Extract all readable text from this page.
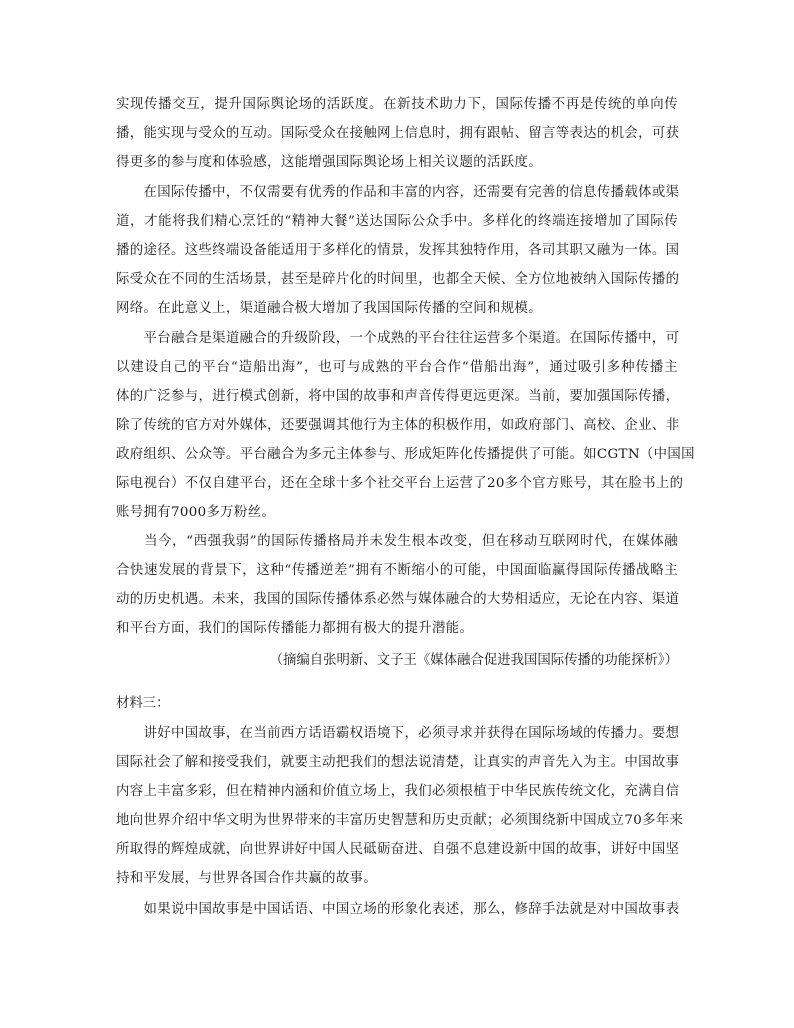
实现传播交互，提升国际舆论场的活跃度。在新技术助力下，国际传播不再是传统的单向传
播，能实现与受众的互动。国际受众在接触网上信息时，拥有跟帖、留言等表达的机会，可获
得更多的参与度和体验感，这能增强国际舆论场上相关议题的活跃度。

　　在国际传播中，不仅需要有优秀的作品和丰富的内容，还需要有完善的信息传播载体或渠
道，才能将我们精心烹饪的“精神大餐”送达国际公众手中。多样化的终端连接增加了国际传
播的途径。这些终端设备能适用于多样化的情景，发挥其独特作用，各司其职又融为一体。国
际受众在不同的生活场景，甚至是碎片化的时间里，也都全天候、全方位地被纳入国际传播的
网络。在此意义上，渠道融合极大增加了我国国际传播的空间和规模。

　　平台融合是渠道融合的升级阶段，一个成熟的平台往往运营多个渠道。在国际传播中，可
以建设自己的平台“造船出海”，也可与成熟的平台合作“借船出海”，通过吸引多种传播主
体的广泛参与，进行模式创新，将中国的故事和声音传得更远更深。当前，要加强国际传播，
除了传统的官方对外媒体，还要强调其他行为主体的积极作用，如政府部门、高校、企业、非
政府组织、公众等。平台融合为多元主体参与、形成矩阵化传播提供了可能。如CGTN（中国国
际电视台）不仅自建平台，还在全球十多个社交平台上运营了20多个官方账号，其在脸书上的
账号拥有7000多万粉丝。

　　当今，“西强我弱”的国际传播格局并未发生根本改变，但在移动互联网时代，在媒体融
合快速发展的背景下，这种“传播逆差”拥有不断缩小的可能，中国面临赢得国际传播战略主
动的历史机遇。未来，我国的国际传播体系必然与媒体融合的大势相适应，无论在内容、渠道
和平台方面，我们的国际传播能力都拥有极大的提升潜能。

（摘编自张明新、文子王《媒体融合促进我国国际传播的功能探析》）

材料三：

　　讲好中国故事，在当前西方话语霸权语境下，必须寻求并获得在国际场域的传播力。要想
国际社会了解和接受我们，就要主动把我们的想法说清楚，让真实的声音先入为主。中国故事
内容上丰富多彩，但在精神内涵和价值立场上，我们必须根植于中华民族传统文化，充满自信
地向世界介绍中华文明为世界带来的丰富历史智慧和历史贡献；必须围绕新中国成立70多年来
所取得的辉煌成就，向世界讲好中国人民砥砺奋进、自强不息建设新中国的故事，讲好中国坚
持和平发展，与世界各国合作共赢的故事。

　　如果说中国故事是中国话语、中国立场的形象化表述，那么，修辞手法就是对中国故事表
